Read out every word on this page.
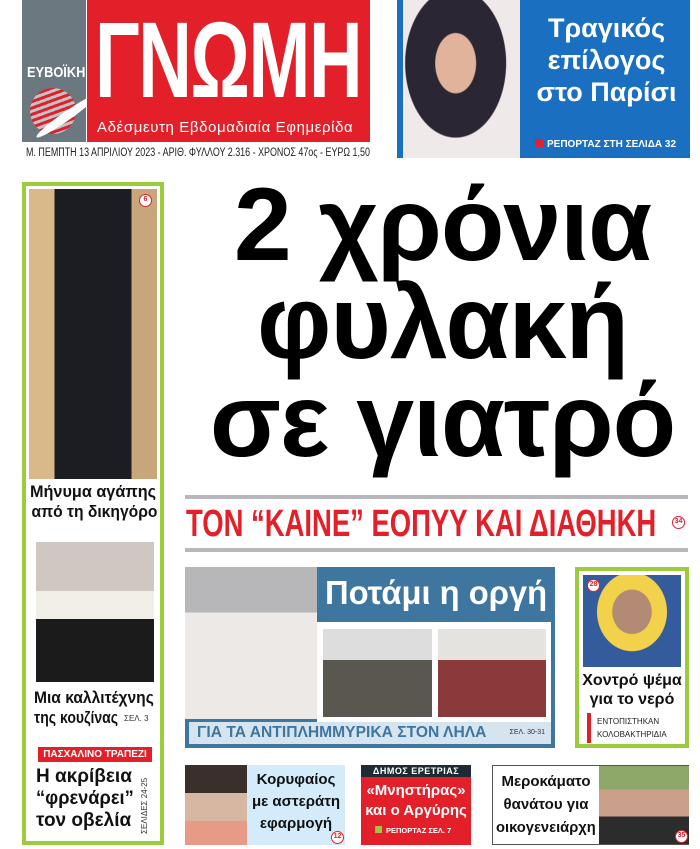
ΕΥΒΟΪΚΗ ΓΝΩΜΗ
Αδέσμευτη Εβδομαδιαία Εφημερίδα
Μ. ΠΕΜΠΤΗ 13 ΑΠΡΙΛΙΟΥ 2023 - ΑΡΙΘ. ΦΥΛΛΟΥ 2.316 - ΧΡΟΝΟΣ 47ος - ΕΥΡΩ 1,50
Τραγικός
επίλογος
στο Παρίσι
ΡΕΠΟΡΤΑΖ ΣΤΗ ΣΕΛΙΔΑ 32
2 χρόνια
φυλακή
σε γιατρό
ΤΟΝ “ΚΑΙΝΕ” ΕΟΠΥΥ ΚΑΙ ΔΙΑΘΗΚΗ	34
6
Μήνυμα αγάπης
από τη δικηγόρο
Μια καλλιτέχνης
της κουζίνας ΣΕΛ. 3
ΠΑΣΧΑΛΙΝΟ ΤΡΑΠΕΖΙ
Η ακρίβεια
“φρενάρει”
τον οβελία	ΣΕΛΙΔΕΣ 24-25
Ποτάμι η οργή
ΓΙΑ ΤΑ ΑΝΤΙΠΛΗΜΜΥΡΙΚΑ ΣΤΟΝ ΛΗΛΑ	ΣΕΛ. 30-31
28
Χοντρό ψέμα
για το νερό
ΕΝΤΟΠΙΣΤΗΚΑΝ
ΚΟΛΟΒΑΚΤΗΡΙΔΙΑ
Κορυφαίος
με αστεράτη
εφαρμογή
12
ΔΗΜΟΣ ΕΡΕΤΡΙΑΣ
«Μνηστήρας»
και ο Αργύρης
ΡΕΠΟΡΤΑΖ ΣΕΛ. 7
Μεροκάματο
θανάτου για
οικογενειάρχη	35
